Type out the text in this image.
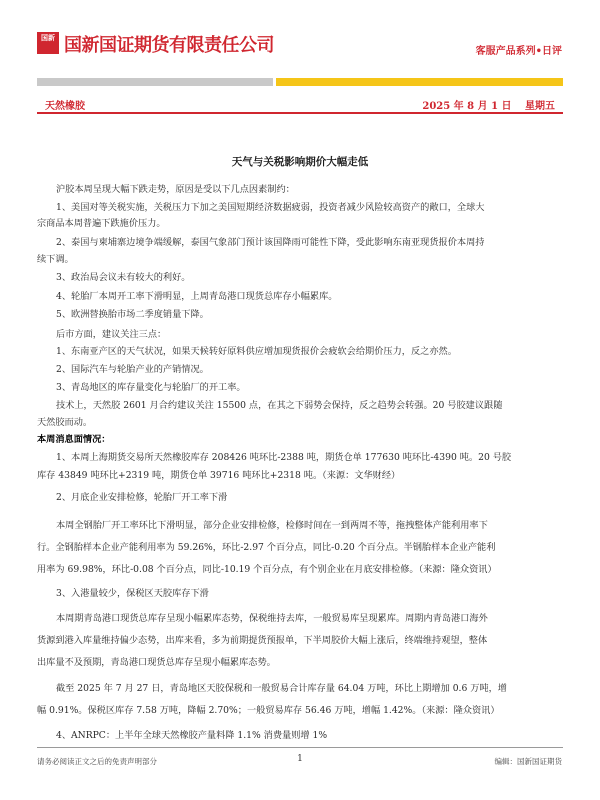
国新 国新国证期货有限责任公司	客服产品系列•日评
天然橡胶	2025 年 8 月 1 日　 星期五
天气与关税影响期价大幅走低
沪胶本周呈现大幅下跌走势，原因是受以下几点因素制约：
1、美国对等关税实施，关税压力下加之美国短期经济数据疲弱，投资者减少风险较高资产的敞口，全球大
宗商品本周普遍下跌施价压力。
2、泰国与柬埔寨边境争端缓解，泰国气象部门预计该国降雨可能性下降，受此影响东南亚现货报价本周持
续下调。
3、政治局会议未有较大的利好。
4、轮胎厂本周开工率下滑明显，上周青岛港口现货总库存小幅累库。
5、欧洲替换胎市场二季度销量下降。
后市方面，建议关注三点：
1、东南亚产区的天气状况，如果天候转好原料供应增加现货报价会疲软会给期价压力，反之亦然。
2、国际汽车与轮胎产业的产销情况。
3、青岛地区的库存量变化与轮胎厂的开工率。
技术上，天然胶 2601 月合约建议关注 15500 点，在其之下弱势会保持，反之趋势会转强。20 号胶建议跟随
天然胶而动。
本周消息面情况：
1、本周上海期货交易所天然橡胶库存 208426 吨环比-2388 吨，期货仓单 177630 吨环比-4390 吨。20 号胶
库存 43849 吨环比+2319 吨，期货仓单 39716 吨环比+2318 吨。（来源：文华财经）
2、月底企业安排检修，轮胎厂开工率下滑
本周全钢胎厂开工率环比下滑明显，部分企业安排检修，检修时间在一到两周不等，拖拽整体产能利用率下
行。全钢胎样本企业产能利用率为 59.26%，环比-2.97 个百分点，同比-0.20 个百分点。半钢胎样本企业产能利
用率为 69.98%，环比-0.08 个百分点，同比-10.19 个百分点，有个别企业在月底安排检修。（来源：隆众资讯）
3、入港量较少，保税区天胶库存下滑
本周期青岛港口现货总库存呈现小幅累库态势，保税维持去库，一般贸易库呈现累库。周期内青岛港口海外
货源到港入库量维持偏少态势，出库来看，多为前期提货预报单，下半周胶价大幅上涨后，终端维持观望，整体
出库量不及预期，青岛港口现货总库存呈现小幅累库态势。
截至 2025 年 7 月 27 日，青岛地区天胶保税和一般贸易合计库存量 64.04 万吨，环比上期增加 0.6 万吨，增
幅 0.91%。保税区库存 7.58 万吨，降幅 2.70%；一般贸易库存 56.46 万吨，增幅 1.42%。（来源：隆众资讯）
4、ANRPC：上半年全球天然橡胶产量料降 1.1% 消费量则增 1%
请务必阅读正文之后的免责声明部分	1	编辑：国新国证期货
